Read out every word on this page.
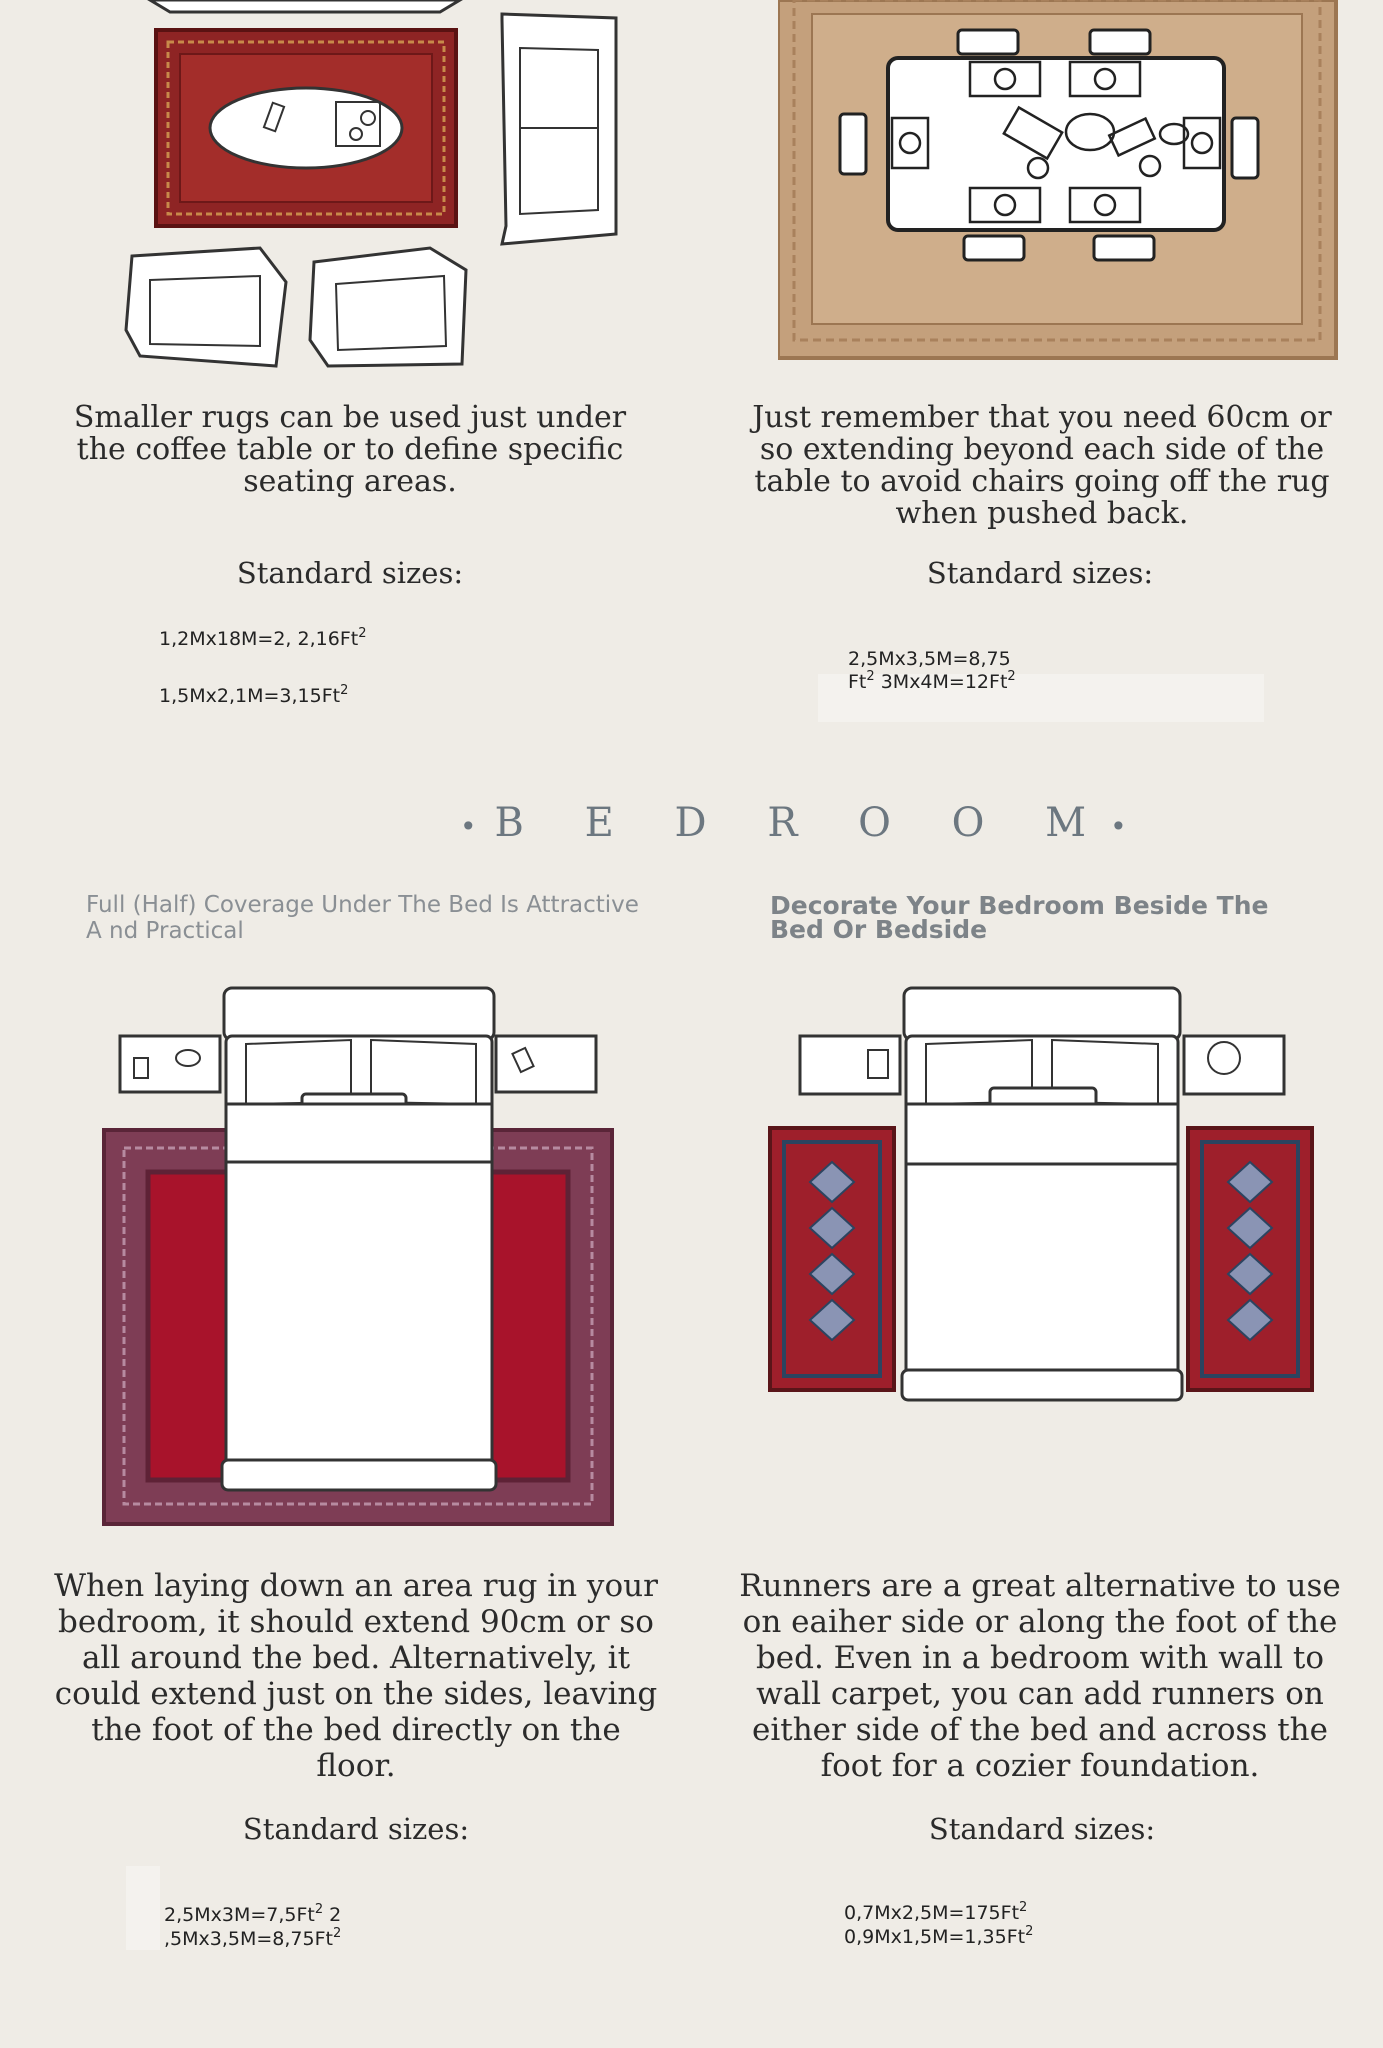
Smaller rugs can be used just under the coffee table or to define specific seating areas.
Just remember that you need 60cm or so extending beyond each side of the table to avoid chairs going off the rug when pushed back.
Standard sizes:	Standard sizes:
1,2Mx18M=2, 2,16Ft$^2$
$1,5Mx2,1M=3,15Ft^2$
2,5Mx3,5M=8,75
Ft$^2$ $3Mx4M=12Ft^2$
• B E D R O O M•
Full (Half) Coverage Under The Bed Is Attractive A nd Practical
Decorate Your Bedroom Beside The Bed Or Bedside
When laying down an area rug in your bedroom, it should extend 90cm or so all around the bed. Alternatively, it could extend just on the sides, leaving the foot of the bed directly on the floor.
Runners are a great alternative to use on eaiher side or along the foot of the bed. Even in a bedroom with wall to wall carpet, you can add runners on either side of the bed and across the foot for a cozier foundation.
Standard sizes:	Standard sizes:
$2,5Mx3M=7,5Ft^2$ 2
$,5Mx3,5M=8,75Ft^2$
$0,7Mx2,5M=175Ft^2$
$0,9Mx1,5M=1,35Ft^2$
